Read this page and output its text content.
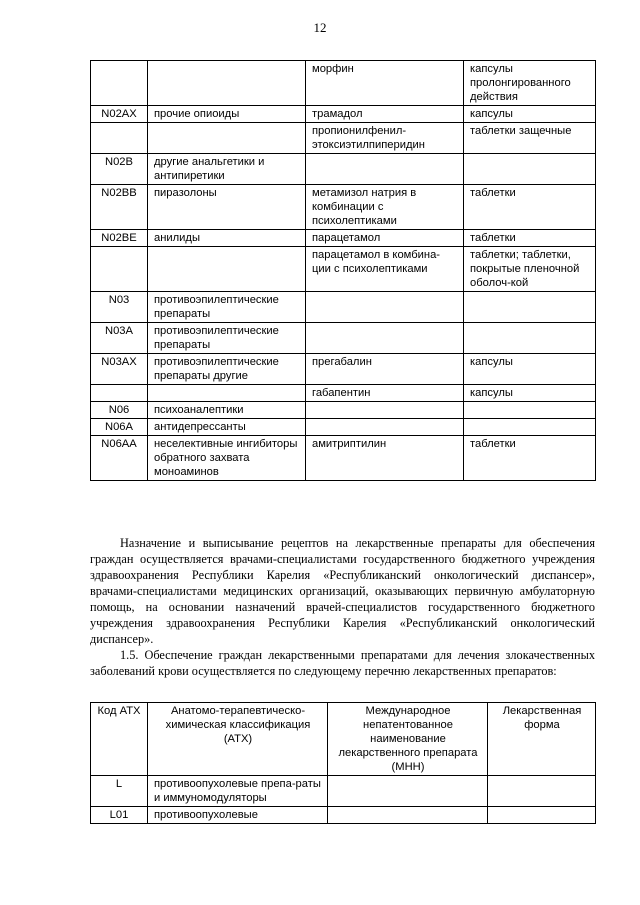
12
		морфин	капсулы пролонгированного действия
N02AX	прочие опиоиды	трамадол	капсулы
		пропионилфенил-этоксиэтилпиперидин	таблетки защечные
N02B	другие анальгетики и антипиретики		
N02BB	пиразолоны	метамизол натрия в комбинации с психолептиками	таблетки
N02BE	анилиды	парацетамол	таблетки
		парацетамол в комбина-ции с психолептиками	таблетки; таблетки, покрытые пленочной оболоч-кой
N03	противоэпилептические препараты		
N03A	противоэпилептические препараты		
N03AX	противоэпилептические препараты другие	прегабалин	капсулы
		габапентин	капсулы
N06	психоаналептики		
N06A	антидепрессанты		
N06AA	неселективные ингибиторы обратного захвата моноаминов	амитриптилин	таблетки

Назначение и выписывание рецептов на лекарственные препараты для обеспечения граждан осуществляется врачами-специалистами государственного бюджетного учреждения здравоохранения Республики Карелия «Республиканский онкологический диспансер», врачами-специалистами медицинских организаций, оказывающих первичную амбулаторную помощь, на основании назначений врачей-специалистов государственного бюджетного учреждения здравоохранения Республики Карелия «Республиканский онкологический диспансер».

1.5. Обеспечение граждан лекарственными препаратами для лечения злокачественных заболеваний крови осуществляется по следующему перечню лекарственных препаратов:

Код АТХ	Анатомо-терапевтическо-химическая классификация (АТХ)	Международное непатентованное наименование лекарственного препарата (МНН)	Лекарственная форма
L	противоопухолевые препа-раты и иммуномодуляторы		
L01	противоопухолевые		
